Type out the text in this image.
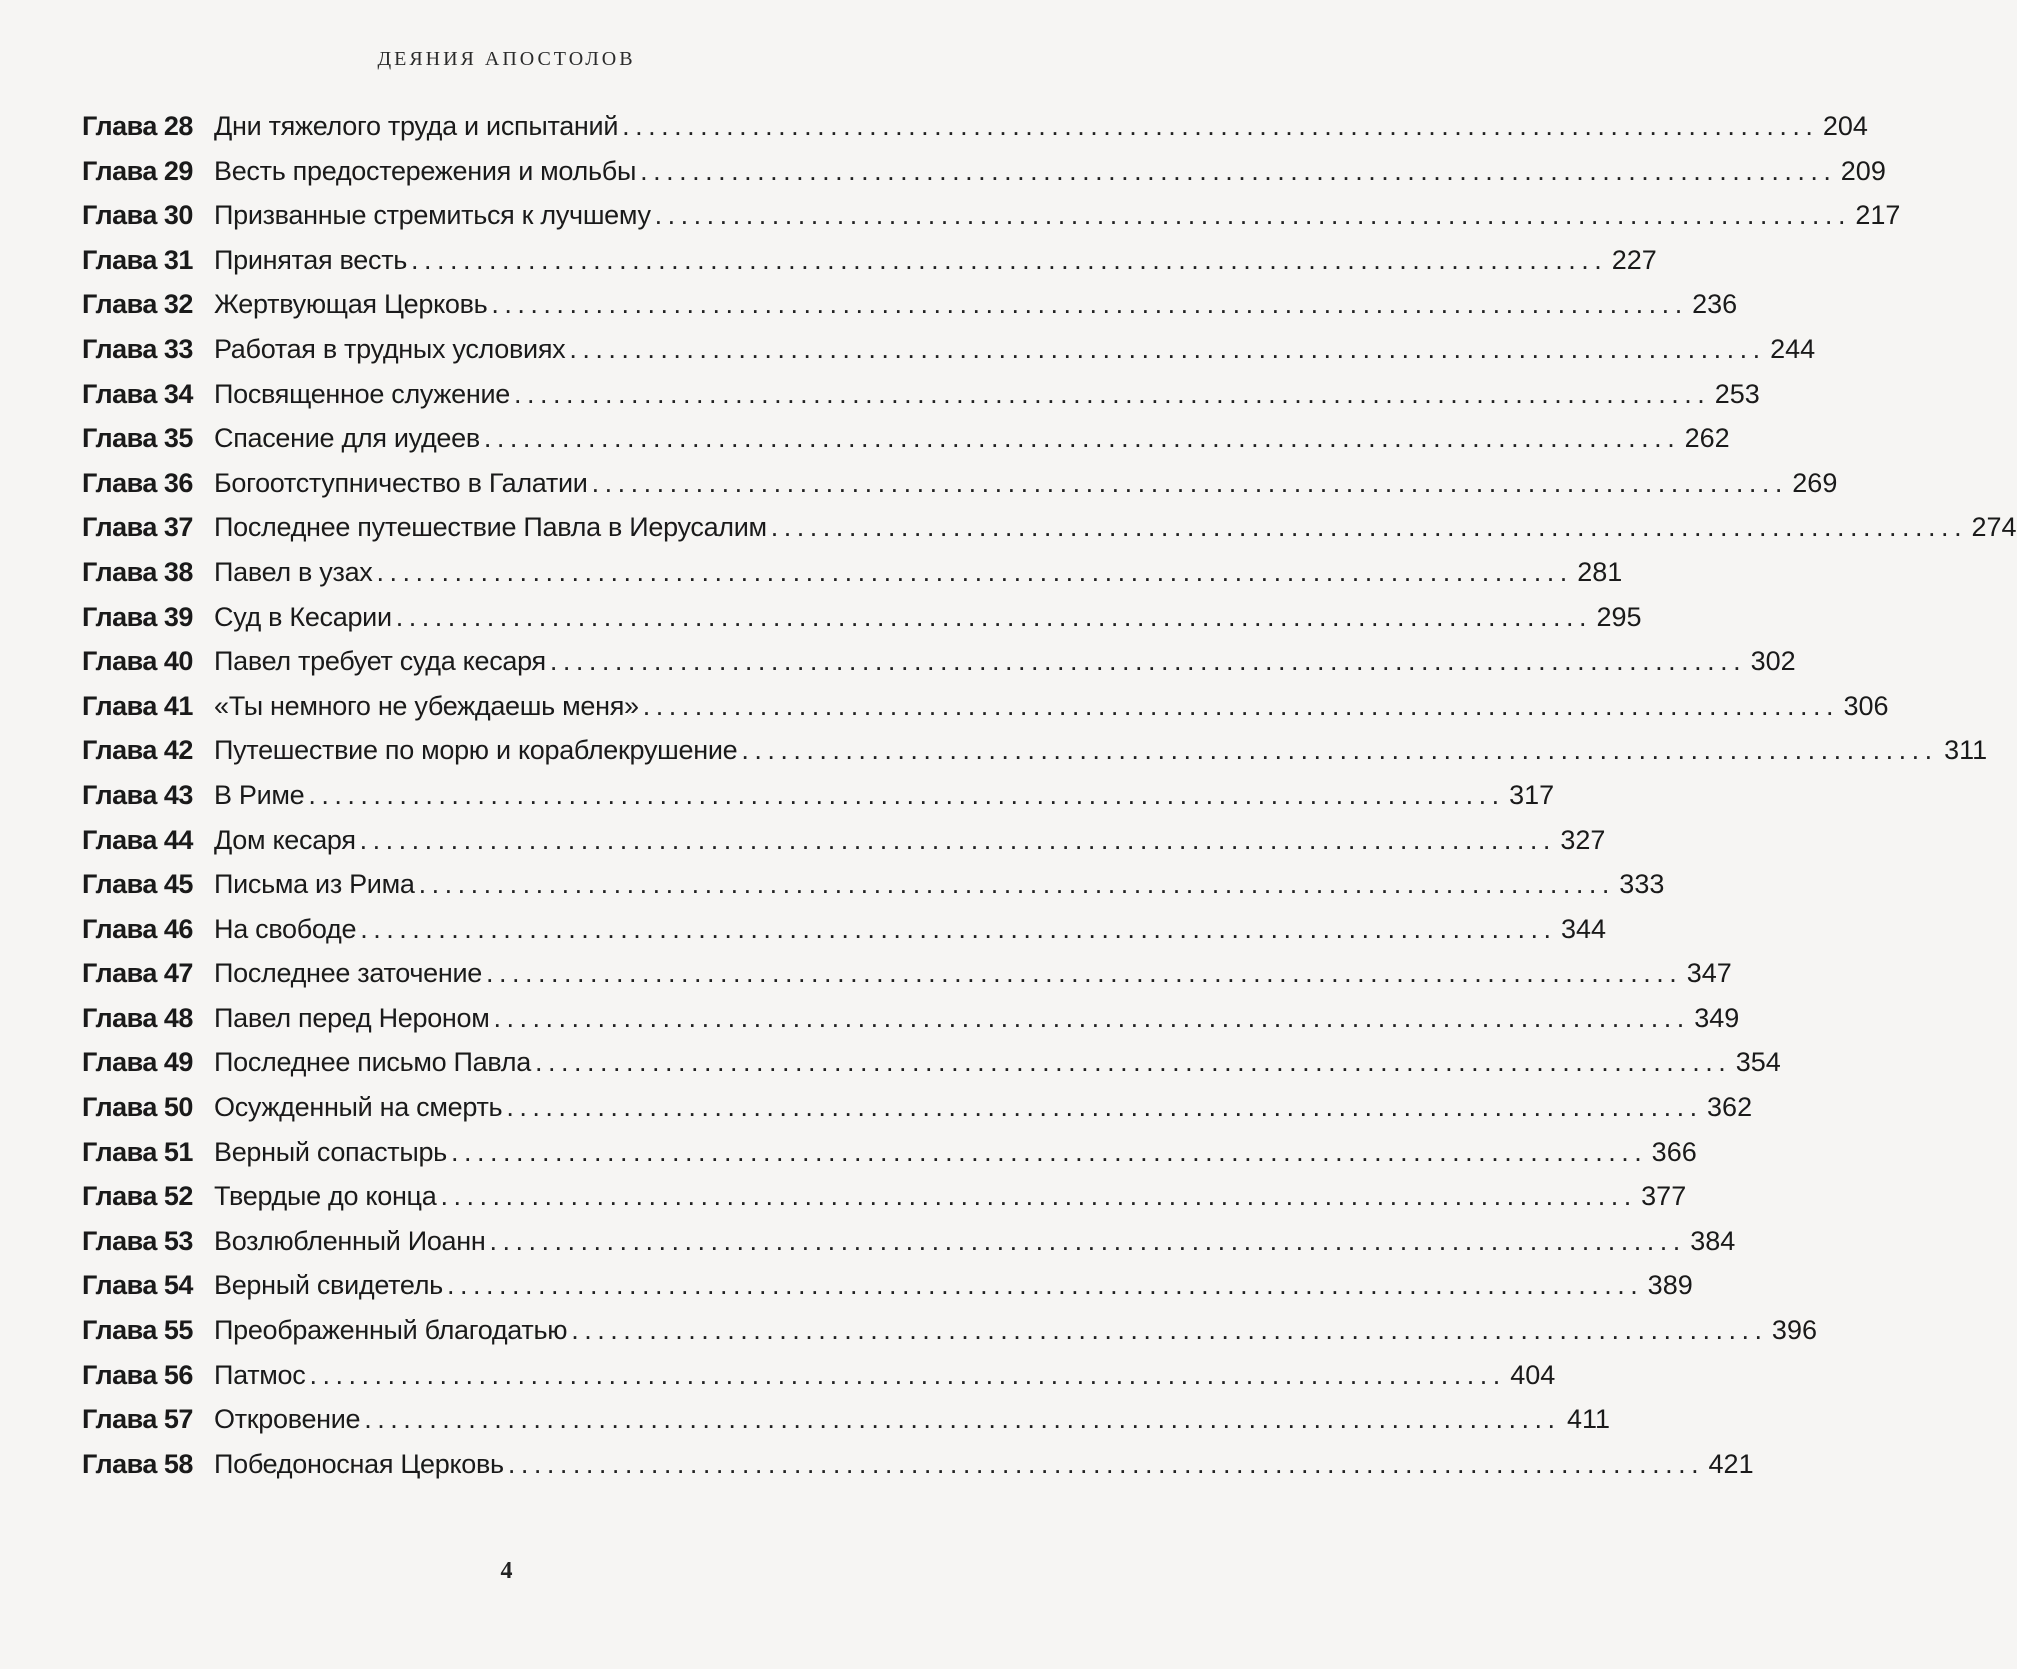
ДЕЯНИЯ АПОСТОЛОВ
Глава 28 Дни тяжелого труда и испытаний . . .	204
Глава 29 Весть предостережения и мольбы . . .	209
Глава 30 Призванные стремиться к лучшему . . .	217
Глава 31 Принятая весть . . .	227
Глава 32 Жертвующая Церковь . . .	236
Глава 33 Работая в трудных условиях . . .	244
Глава 34 Посвященное служение . . .	253
Глава 35 Спасение для иудеев . . .	262
Глава 36 Богоотступничество в Галатии . . .	269
Глава 37 Последнее путешествие Павла в Иерусалим . . .	274
Глава 38 Павел в узах . . .	281
Глава 39 Суд в Кесарии . . .	295
Глава 40 Павел требует суда кесаря . . .	302
Глава 41 «Ты немного не убеждаешь меня» . . .	306
Глава 42 Путешествие по морю и кораблекрушение . . .	311
Глава 43 В Риме . . .	317
Глава 44 Дом кесаря . . .	327
Глава 45 Письма из Рима . . .	333
Глава 46 На свободе . . .	344
Глава 47 Последнее заточение . . .	347
Глава 48 Павел перед Нероном . . .	349
Глава 49 Последнее письмо Павла . . .	354
Глава 50 Осужденный на смерть . . .	362
Глава 51 Верный сопастырь . . .	366
Глава 52 Твердые до конца . . .	377
Глава 53 Возлюбленный Иоанн . . .	384
Глава 54 Верный свидетель . . .	389
Глава 55 Преображенный благодатью . . .	396
Глава 56 Патмос . . .	404
Глава 57 Откровение . . .	411
Глава 58 Победоносная Церковь . . .	421
4
